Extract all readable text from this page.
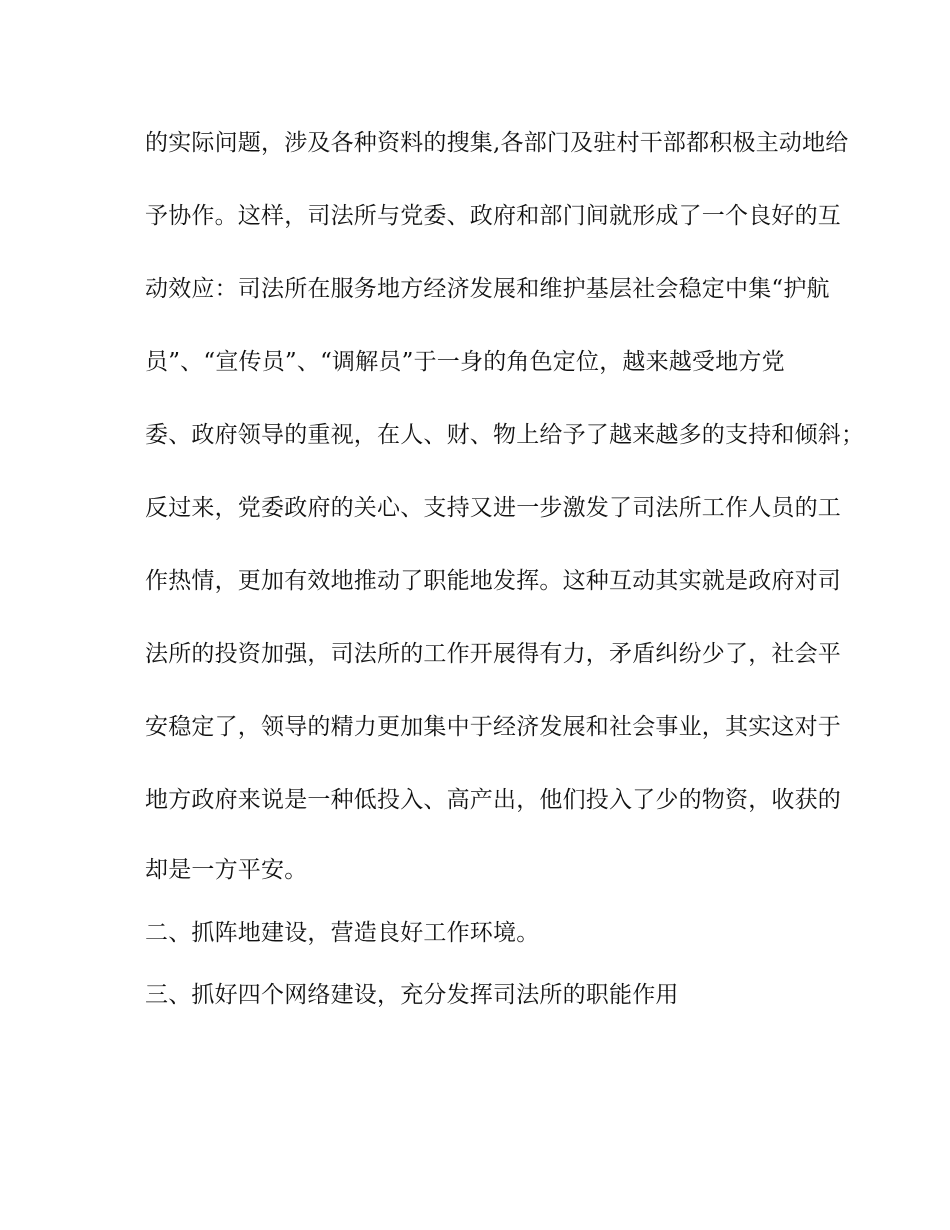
的实际问题，涉及各种资料的搜集,各部门及驻村干部都积极主动地给
予协作。这样，司法所与党委、政府和部门间就形成了一个良好的互
动效应：司法所在服务地方经济发展和维护基层社会稳定中集“护航
员”、“宣传员”、“调解员”于一身的角色定位，越来越受地方党
委、政府领导的重视，在人、财、物上给予了越来越多的支持和倾斜；
反过来，党委政府的关心、支持又进一步激发了司法所工作人员的工
作热情，更加有效地推动了职能地发挥。这种互动其实就是政府对司
法所的投资加强，司法所的工作开展得有力，矛盾纠纷少了，社会平
安稳定了，领导的精力更加集中于经济发展和社会事业，其实这对于
地方政府来说是一种低投入、高产出，他们投入了少的物资，收获的
却是一方平安。
二、抓阵地建设，营造良好工作环境。
三、抓好四个网络建设，充分发挥司法所的职能作用
